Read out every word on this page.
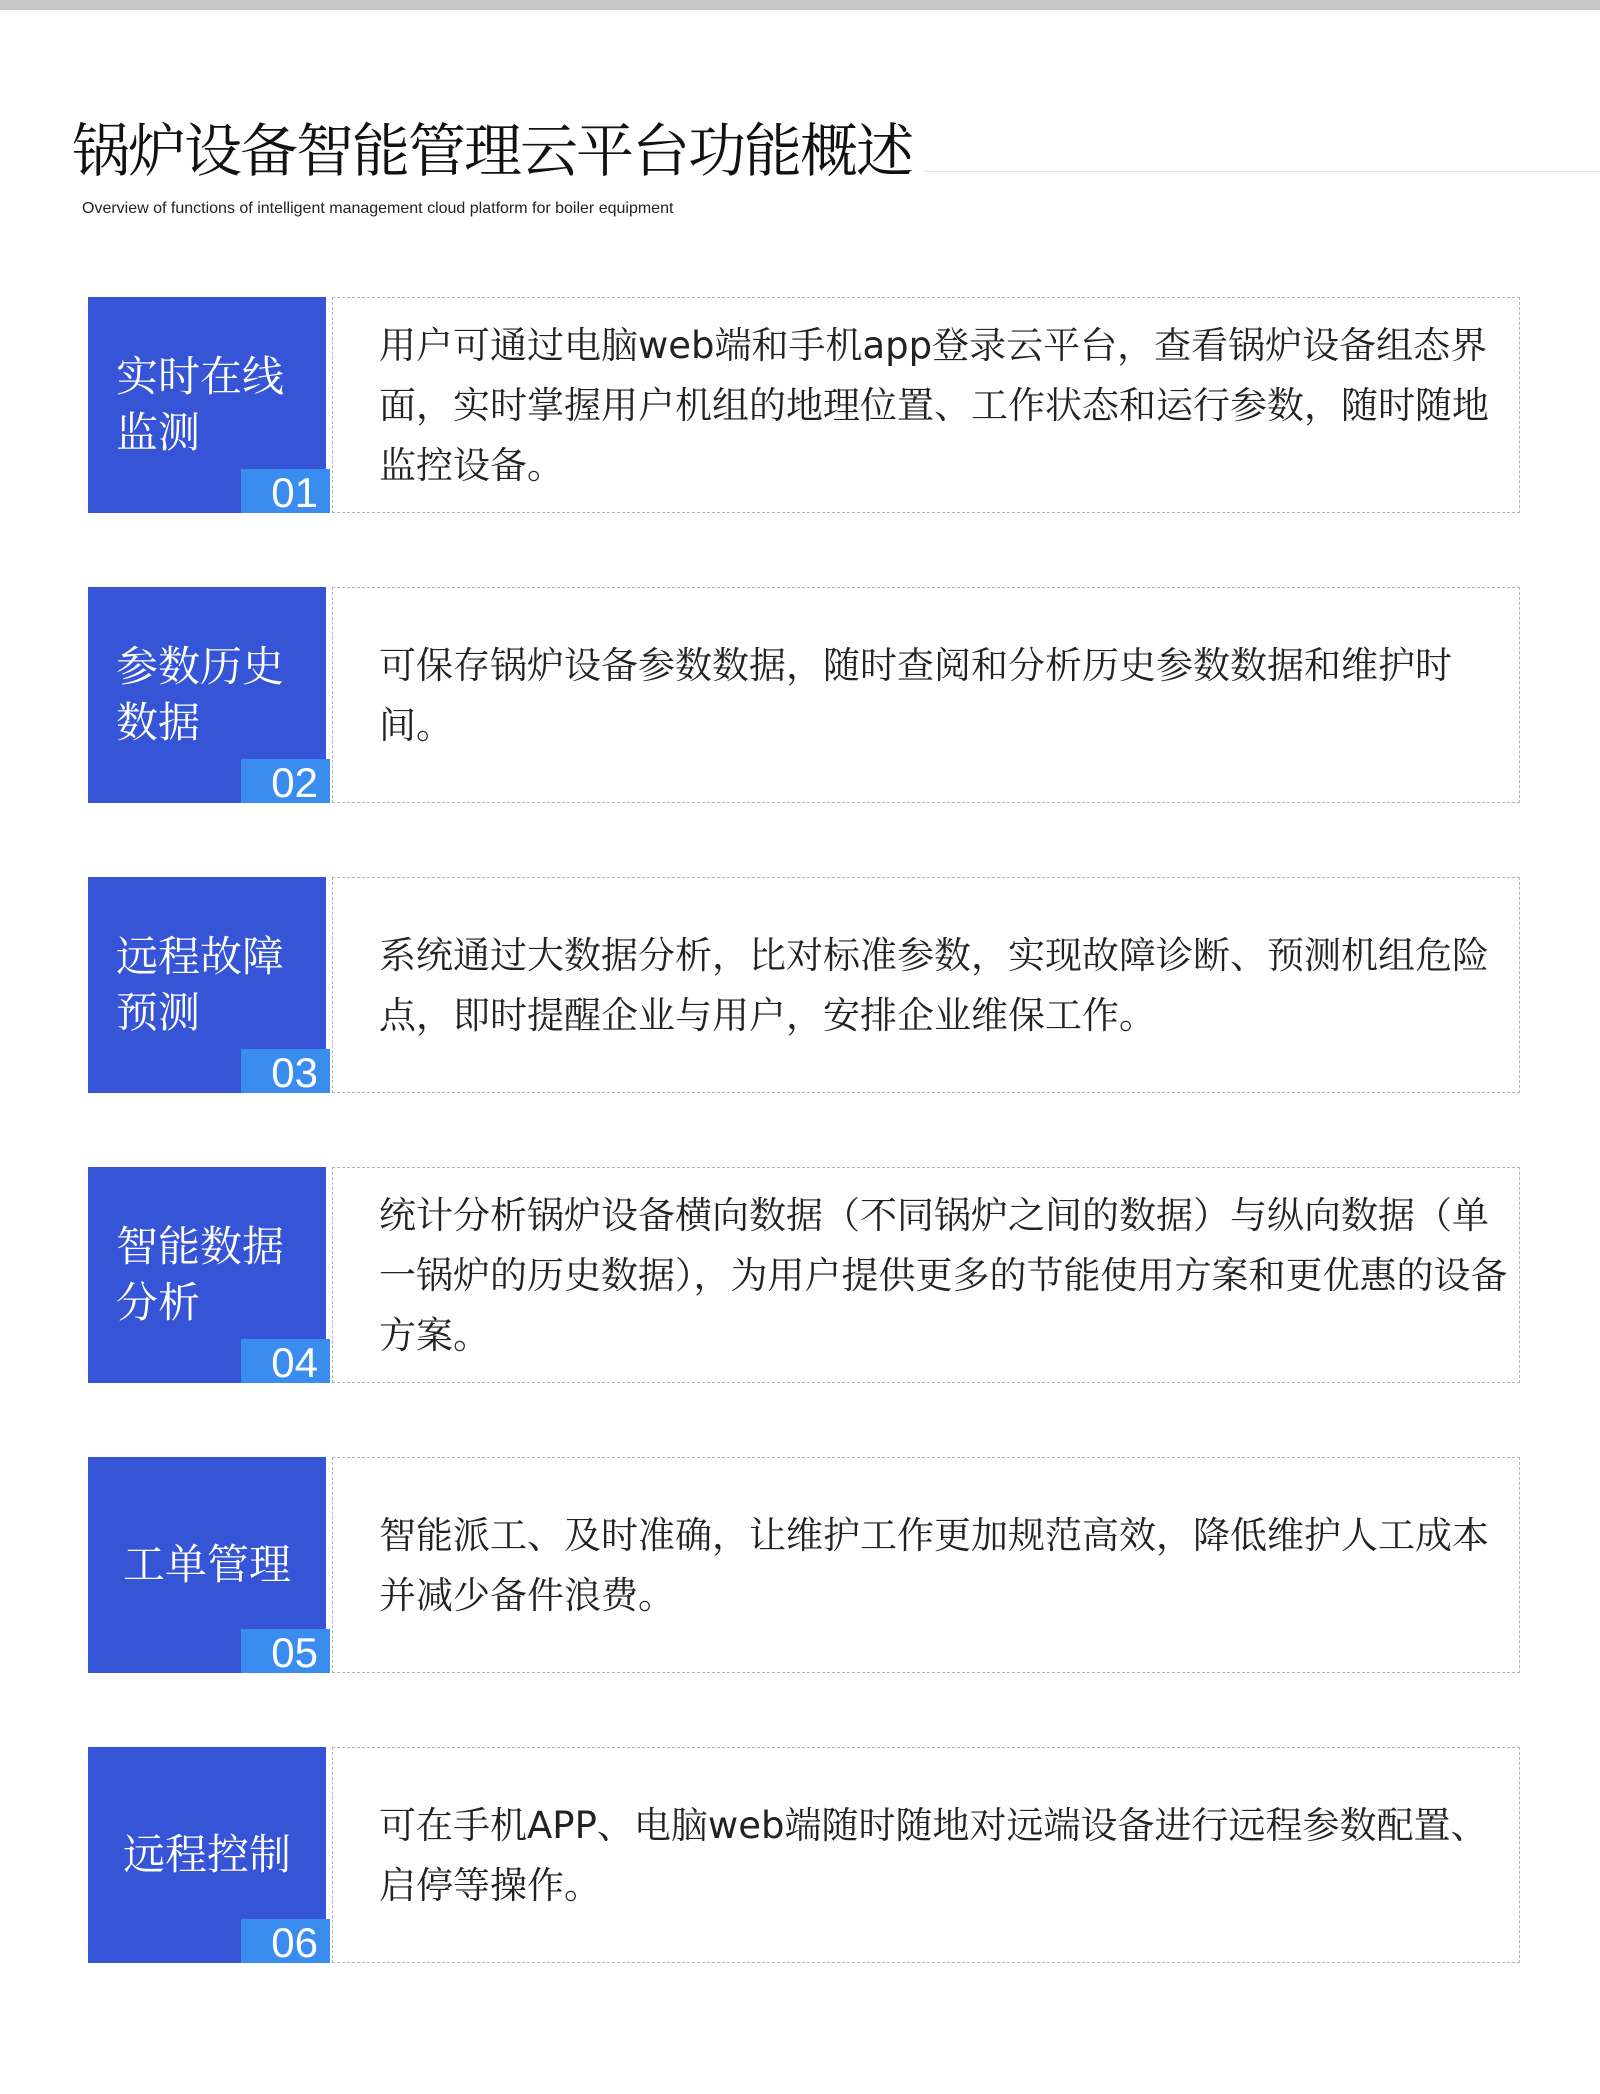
锅炉设备智能管理云平台功能概述

Overview of functions of intelligent management cloud platform for boiler equipment

实时在线监测
01
用户可通过电脑web端和手机app登录云平台，查看锅炉设备组态界面，实时掌握用户机组的地理位置、工作状态和运行参数，随时随地监控设备。
参数历史数据
02
可保存锅炉设备参数数据，随时查阅和分析历史参数数据和维护时间。
远程故障预测
03
系统通过大数据分析，比对标准参数，实现故障诊断、预测机组危险点，即时提醒企业与用户，安排企业维保工作。
智能数据分析
04
统计分析锅炉设备横向数据（不同锅炉之间的数据）与纵向数据（单一锅炉的历史数据），为用户提供更多的节能使用方案和更优惠的设备方案。
工单管理
05
智能派工、及时准确，让维护工作更加规范高效，降低维护人工成本并减少备件浪费。
远程控制
06
可在手机APP、电脑web端随时随地对远端设备进行远程参数配置、启停等操作。
